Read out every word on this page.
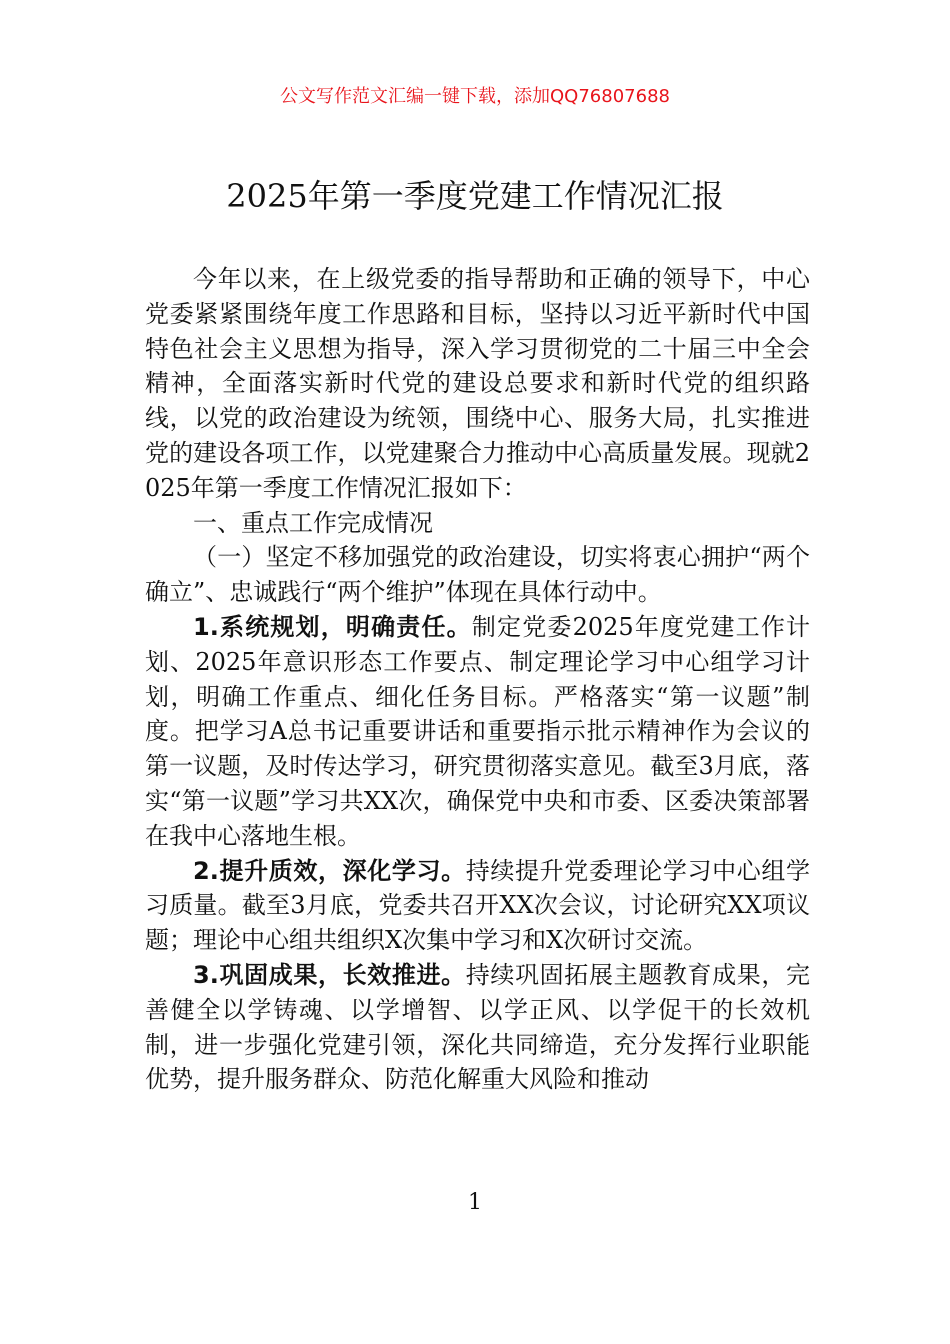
公文写作范文汇编一键下载，添加QQ76807688
2025年第一季度党建工作情况汇报

今年以来，在上级党委的指导帮助和正确的领导下，中心党委紧紧围绕年度工作思路和目标，坚持以习近平新时代中国特色社会主义思想为指导，深入学习贯彻党的二十届三中全会精神，全面落实新时代党的建设总要求和新时代党的组织路线，以党的政治建设为统领，围绕中心、服务大局，扎实推进党的建设各项工作，以党建聚合力推动中心高质量发展。现就2025年第一季度工作情况汇报如下：

一、重点工作完成情况

（一）坚定不移加强党的政治建设，切实将衷心拥护“两个确立”、忠诚践行“两个维护”体现在具体行动中。

1.系统规划，明确责任。制定党委2025年度党建工作计划、2025年意识形态工作要点、制定理论学习中心组学习计划，明确工作重点、细化任务目标。严格落实“第一议题”制度。把学习A总书记重要讲话和重要指示批示精神作为会议的第一议题，及时传达学习，研究贯彻落实意见。截至3月底，落实“第一议题”学习共XX次，确保党中央和市委、区委决策部署在我中心落地生根。

2.提升质效，深化学习。持续提升党委理论学习中心组学习质量。截至3月底，党委共召开XX次会议，讨论研究XX项议题；理论中心组共组织X次集中学习和X次研讨交流。

3.巩固成果，长效推进。持续巩固拓展主题教育成果，完善健全以学铸魂、以学增智、以学正风、以学促干的长效机制，进一步强化党建引领，深化共同缔造，充分发挥行业职能优势，提升服务群众、防范化解重大风险和推动

1
